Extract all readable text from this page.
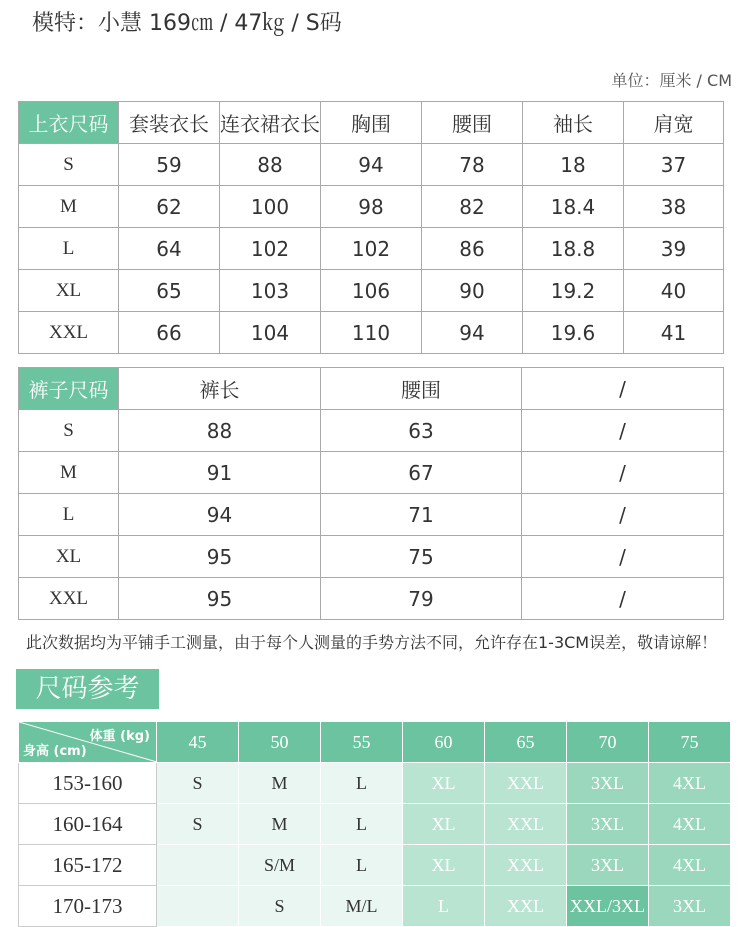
模特：小慧 169㎝ / 47㎏ / S码
单位：厘米 / CM
上衣尺码	套装衣长	连衣裙衣长	胸围	腰围	袖长	肩宽
S	59	88	94	78	18	37
M	62	100	98	82	18.4	38
L	64	102	102	86	18.8	39
XL	65	103	106	90	19.2	40
XXL	66	104	110	94	19.6	41
裤子尺码	裤长	腰围	/
S	88	63	/
M	91	67	/
L	94	71	/
XL	95	75	/
XXL	95	79	/
此次数据均为平铺手工测量，由于每个人测量的手势方法不同，允许存在1-3CM误差，敬请谅解！
尺码参考
体重 (kg)
身高 (cm)	45	50	55	60	65	70	75
153-160	S	M	L	XL	XXL	3XL	4XL
160-164	S	M	L	XL	XXL	3XL	4XL
165-172		S/M	L	XL	XXL	3XL	4XL
170-173		S	M/L	L	XXL	XXL/3XL	3XL
